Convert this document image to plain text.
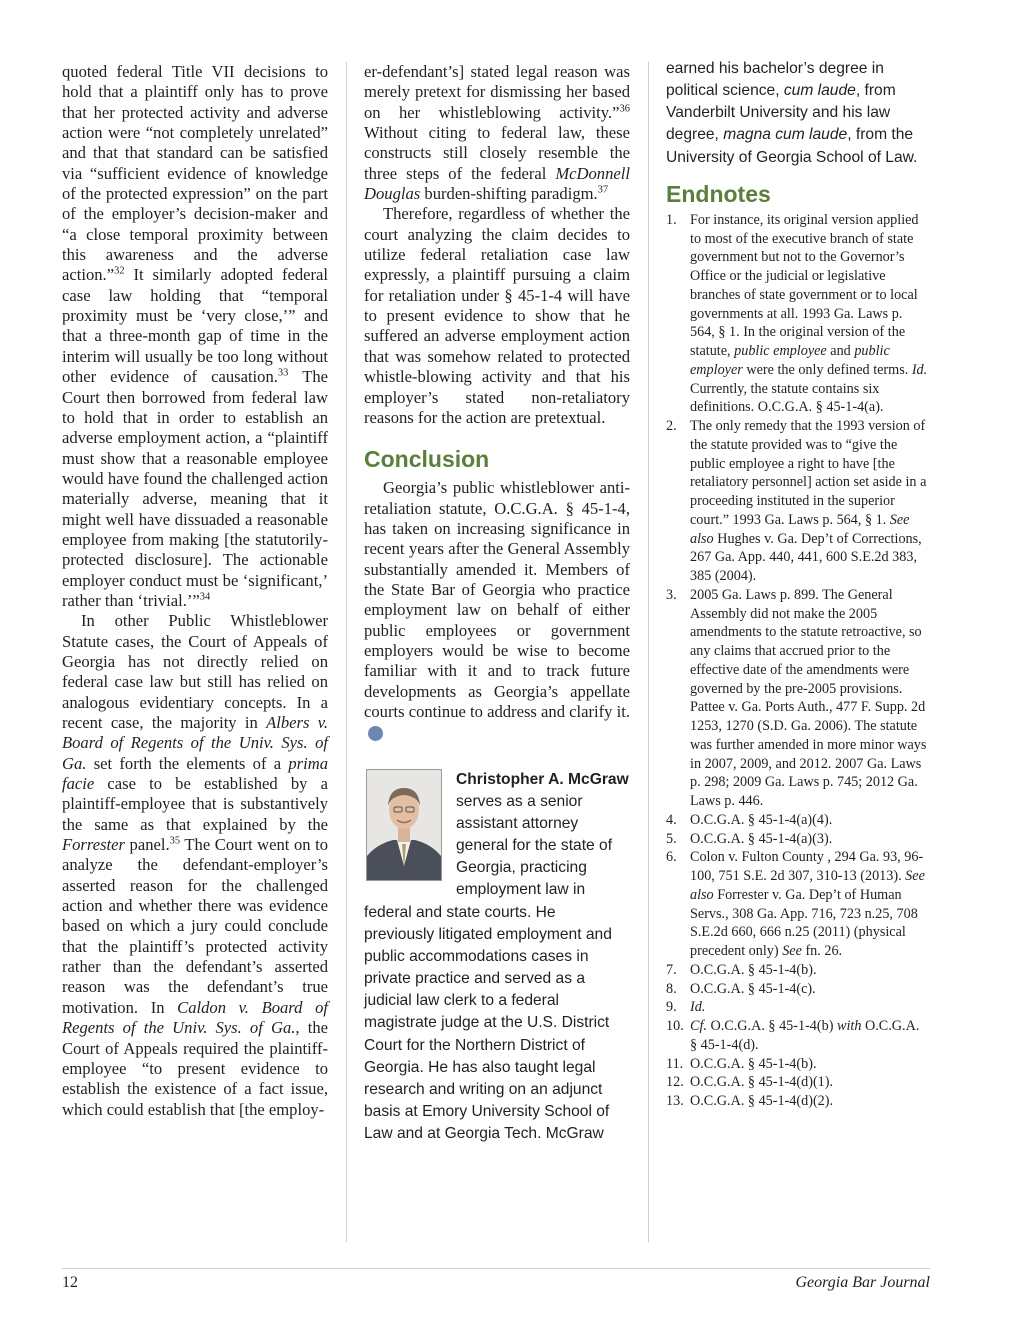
quoted federal Title VII decisions to hold that a plaintiff only has to prove that her protected activity and adverse action were “not completely unrelated” and that that standard can be satisfied via “sufficient evidence of knowledge of the protected expression” on the part of the employer’s decision-maker and “a close temporal proximity between this awareness and the adverse action.”$^{32}$ It similarly adopted federal case law holding that “temporal proximity must be ‘very close,’” and that a three-month gap of time in the interim will usually be too long without other evidence of causation.$^{33}$ The Court then borrowed from federal law to hold that in order to establish an adverse employment action, a “plaintiff must show that a reasonable employee would have found the challenged action materially adverse, meaning that it might well have dissuaded a reasonable employee from making [the statutorily-protected disclosure]. The actionable employer conduct must be ‘significant,’ rather than ‘trivial.’”$^{34}$

In other Public Whistleblower Statute cases, the Court of Appeals of Georgia has not directly relied on federal case law but still has relied on analogous evidentiary concepts. In a recent case, the majority in Albers v. Board of Regents of the Univ. Sys. of Ga. set forth the elements of a prima facie case to be established by a plaintiff-employee that is substantively the same as that explained by the Forrester panel.$^{35}$ The Court went on to analyze the defendant-employer’s asserted reason for the challenged action and whether there was evidence based on which a jury could conclude that the plaintiff’s protected activity rather than the defendant’s asserted reason was the defendant’s true motivation. In Caldon v. Board of Regents of the Univ. Sys. of Ga., the Court of Appeals required the plaintiff-employee “to present evidence to establish the existence of a fact issue, which could establish that [the employ-

er-defendant’s] stated legal reason was merely pretext for dismissing her based on her whistleblowing activity.”$^{36}$ Without citing to federal law, these constructs still closely resemble the three steps of the federal McDonnell Douglas burden-shifting paradigm.$^{37}$

Therefore, regardless of whether the court analyzing the claim decides to utilize federal retaliation case law expressly, a plaintiff pursuing a claim for retaliation under § 45-1-4 will have to present evidence to show that he suffered an adverse employment action that was somehow related to protected whistle-blowing activity and that his employer’s stated non-retaliatory reasons for the action are pretextual.

Conclusion

Georgia’s public whistleblower anti-retaliation statute, O.C.G.A. § 45-1-4, has taken on increasing significance in recent years after the General Assembly substantially amended it. Members of the State Bar of Georgia who practice employment law on behalf of either public employees or government employers would be wise to become familiar with it and to track future developments as Georgia’s appellate courts continue to address and clarify it.GBJ

Christopher A. McGraw serves as a senior assistant attorney general for the state of Georgia, practicing employment law in federal and state courts. He previously litigated employment and public accommodations cases in private practice and served as a judicial law clerk to a federal magistrate judge at the U.S. District Court for the Northern District of Georgia. He has also taught legal research and writing on an adjunct basis at Emory University School of Law and at Georgia Tech. McGraw
earned his bachelor’s degree in political science, cum laude, from Vanderbilt University and his law degree, magna cum laude, from the University of Georgia School of Law.
Endnotes
1. For instance, its original version applied to most of the executive branch of state government but not to the Governor’s Office or the judicial or legislative branches of state government or to local governments at all. 1993 Ga. Laws p. 564, § 1. In the original version of the statute, public employee and public employer were the only defined terms. Id. Currently, the statute contains six definitions. O.C.G.A. § 45-1-4(a).
2. The only remedy that the 1993 version of the statute provided was to “give the public employee a right to have [the retaliatory personnel] action set aside in a proceeding instituted in the superior court.” 1993 Ga. Laws p. 564, § 1. See also Hughes v. Ga. Dep’t of Corrections, 267 Ga. App. 440, 441, 600 S.E.2d 383, 385 (2004).
3. 2005 Ga. Laws p. 899. The General Assembly did not make the 2005 amendments to the statute retroactive, so any claims that accrued prior to the effective date of the amendments were governed by the pre-2005 provisions. Pattee v. Ga. Ports Auth., 477 F. Supp. 2d 1253, 1270 (S.D. Ga. 2006). The statute was further amended in more minor ways in 2007, 2009, and 2012. 2007 Ga. Laws p. 298; 2009 Ga. Laws p. 745; 2012 Ga. Laws p. 446.
4. O.C.G.A. § 45-1-4(a)(4).
5. O.C.G.A. § 45-1-4(a)(3).
6. Colon v. Fulton County , 294 Ga. 93, 96-100, 751 S.E. 2d 307, 310-13 (2013). See also Forrester v. Ga. Dep’t of Human Servs., 308 Ga. App. 716, 723 n.25, 708 S.E.2d 660, 666 n.25 (2011) (physical precedent only) See fn. 26.
7. O.C.G.A. § 45-1-4(b).
8. O.C.G.A. § 45-1-4(c).
9. Id.
10. Cf. O.C.G.A. § 45-1-4(b) with O.C.G.A. § 45-1-4(d).
11. O.C.G.A. § 45-1-4(b).
12. O.C.G.A. § 45-1-4(d)(1).
13. O.C.G.A. § 45-1-4(d)(2).
12	Georgia Bar Journal
